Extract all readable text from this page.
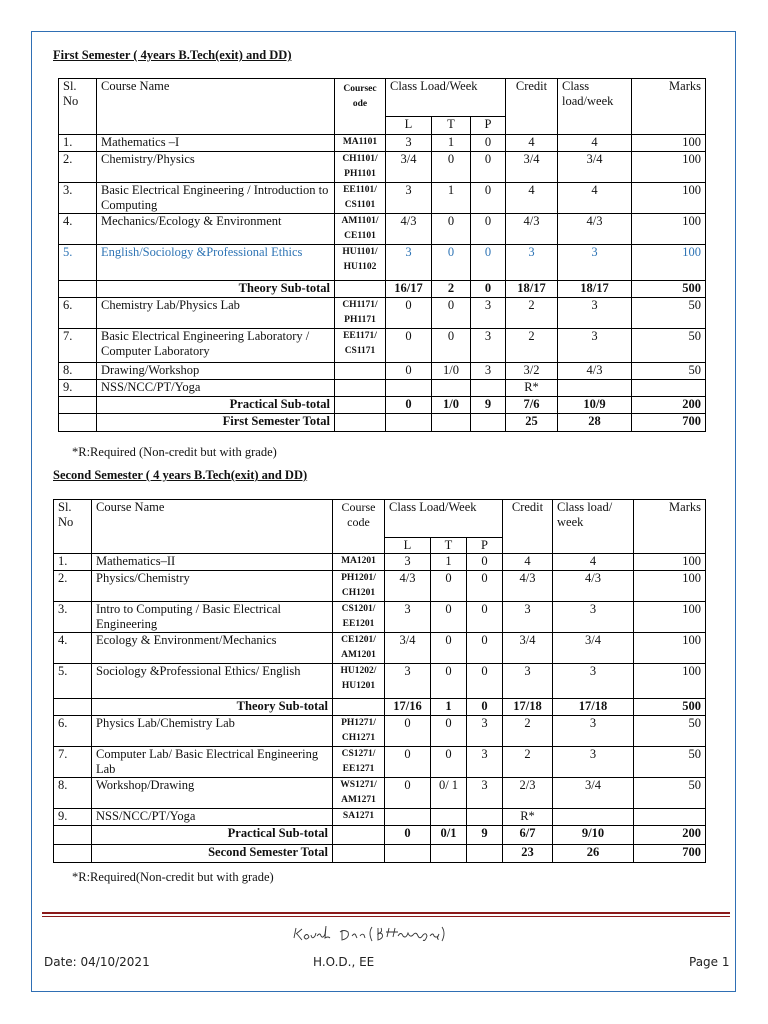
First Semester ( 4years B.Tech(exit) and DD)
Sl. No	Course Name	Coursec ode	Class Load/Week			Credit	Class load/week	Marks
			L	T	P			
1.	Mathematics –I	MA1101	3	1	0	4	4	100
2.	Chemistry/Physics	CH1101/ PH1101	3/4	0	0	3/4	3/4	100
3.	Basic Electrical Engineering / Introduction to Computing	EE1101/ CS1101	3	1	0	4	4	100
4.	Mechanics/Ecology & Environment	AM1101/ CE1101	4/3	0	0	4/3	4/3	100
5.	English/Sociology &Professional Ethics	HU1101/ HU1102	3	0	0	3	3	100
	Theory Sub-total		16/17	2	0	18/17	18/17	500
6.	Chemistry Lab/Physics Lab	CH1171/ PH1171	0	0	3	2	3	50
7.	Basic Electrical Engineering Laboratory / Computer Laboratory	EE1171/ CS1171	0	0	3	2	3	50
8.	Drawing/Workshop		0	1/0	3	3/2	4/3	50
9.	NSS/NCC/PT/Yoga					R*		
	Practical Sub-total		0	1/0	9	7/6	10/9	200
	First Semester Total					25	28	700
*R:Required (Non-credit but with grade)
Second Semester ( 4 years B.Tech(exit) and DD)
Sl. No	Course Name	Course code	Class Load/Week			Credit	Class load/ week	Marks
			L	T	P			
1.	Mathematics–II	MA1201	3	1	0	4	4	100
2.	Physics/Chemistry	PH1201/ CH1201	4/3	0	0	4/3	4/3	100
3.	Intro to Computing / Basic Electrical Engineering	CS1201/ EE1201	3	0	0	3	3	100
4.	Ecology & Environment/Mechanics	CE1201/ AM1201	3/4	0	0	3/4	3/4	100
5.	Sociology &Professional Ethics/ English	HU1202/ HU1201	3	0	0	3	3	100
	Theory Sub-total		17/16	1	0	17/18	17/18	500
6.	Physics Lab/Chemistry Lab	PH1271/ CH1271	0	0	3	2	3	50
7.	Computer Lab/ Basic Electrical Engineering Lab	CS1271/ EE1271	0	0	3	2	3	50
8.	Workshop/Drawing	WS1271/ AM1271	0	0/ 1	3	2/3	3/4	50
9.	NSS/NCC/PT/Yoga	SA1271				R*		
	Practical Sub-total		0	0/1	9	6/7	9/10	200
	Second Semester Total					23	26	700
*R:Required(Non-credit but with grade)
Date: 04/10/2021	H.O.D., EE	Page 1
